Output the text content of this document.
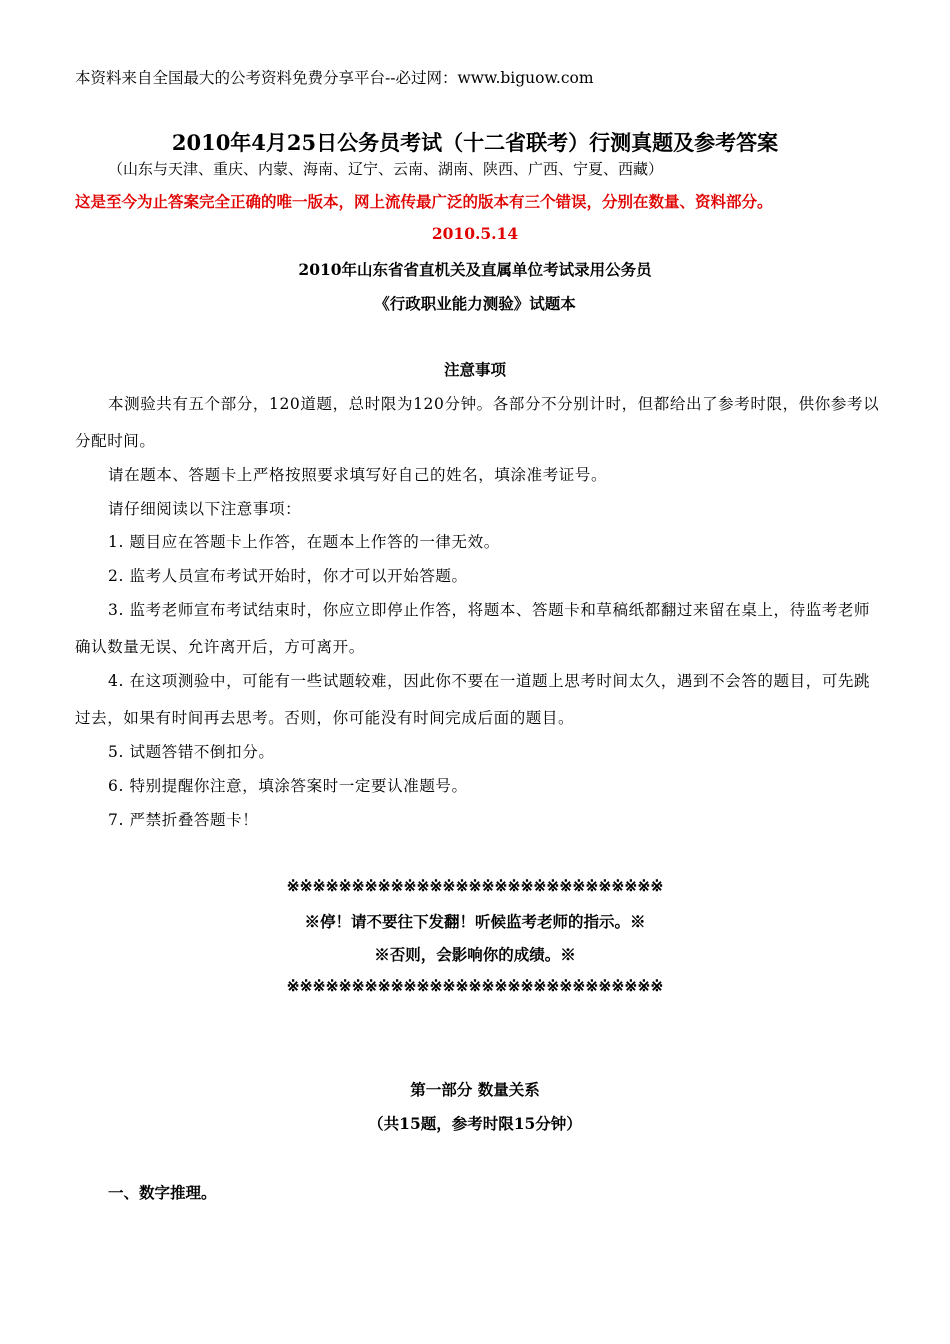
本资料来自全国最大的公考资料免费分享平台--必过网：www.biguow.com
2010年4月25日公务员考试（十二省联考）行测真题及参考答案
（山东与天津、重庆、内蒙、海南、辽宁、云南、湖南、陕西、广西、宁夏、西藏）
这是至今为止答案完全正确的唯一版本，网上流传最广泛的版本有三个错误，分别在数量、资料部分。
2010.5.14
2010年山东省省直机关及直属单位考试录用公务员
《行政职业能力测验》试题本
注意事项
本测验共有五个部分，120道题，总时限为120分钟。各部分不分别计时，但都给出了参考时限，供你参考以
分配时间。
请在题本、答题卡上严格按照要求填写好自己的姓名，填涂准考证号。
请仔细阅读以下注意事项：
1. 题目应在答题卡上作答，在题本上作答的一律无效。
2. 监考人员宣布考试开始时，你才可以开始答题。
3. 监考老师宣布考试结束时，你应立即停止作答，将题本、答题卡和草稿纸都翻过来留在桌上，待监考老师
确认数量无误、允许离开后，方可离开。
4. 在这项测验中，可能有一些试题较难，因此你不要在一道题上思考时间太久，遇到不会答的题目，可先跳
过去，如果有时间再去思考。否则，你可能没有时间完成后面的题目。
5. 试题答错不倒扣分。
6. 特别提醒你注意，填涂答案时一定要认准题号。
7. 严禁折叠答题卡！
※※※※※※※※※※※※※※※※※※※※※※※※※※※※※
※停！请不要往下发翻！听候监考老师的指示。※
※否则，会影响你的成绩。※
※※※※※※※※※※※※※※※※※※※※※※※※※※※※※
第一部分 数量关系
（共15题，参考时限15分钟）
一、数字推理。
